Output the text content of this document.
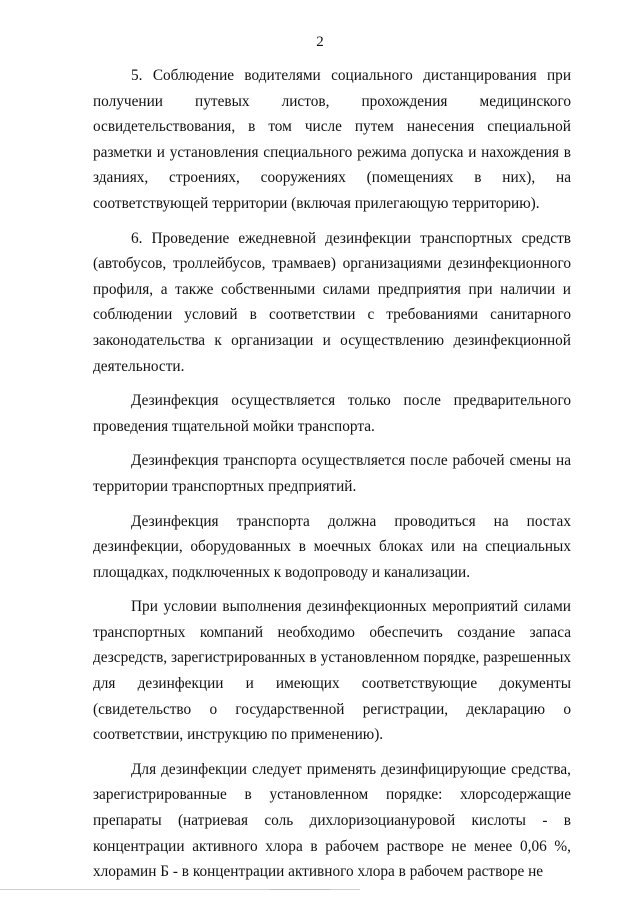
2

5. Соблюдение водителями социального дистанцирования при получении путевых листов, прохождения медицинского освидетельствования, в том числе путем нанесения специальной разметки и установления специального режима допуска и нахождения в зданиях, строениях, сооружениях (помещениях в них), на соответствующей территории (включая прилегающую территорию).

6. Проведение ежедневной дезинфекции транспортных средств (автобусов, троллейбусов, трамваев) организациями дезинфекционного профиля, а также собственными силами предприятия при наличии и соблюдении условий в соответствии с требованиями санитарного законодательства к организации и осуществлению дезинфекционной деятельности.

Дезинфекция осуществляется только после предварительного проведения тщательной мойки транспорта.

Дезинфекция транспорта осуществляется после рабочей смены на территории транспортных предприятий.

Дезинфекция транспорта должна проводиться на постах дезинфекции, оборудованных в моечных блоках или на специальных площадках, подключенных к водопроводу и канализации.

При условии выполнения дезинфекционных мероприятий силами транспортных компаний необходимо обеспечить создание запаса дезсредств, зарегистрированных в установленном порядке, разрешенных для дезинфекции и имеющих соответствующие документы (свидетельство о государственной регистрации, декларацию о соответствии, инструкцию по применению).

Для дезинфекции следует применять дезинфицирующие средства, зарегистрированные в установленном порядке: хлорсодержащие препараты (натриевая соль дихлоризоциануровой кислоты - в концентрации активного хлора в рабочем растворе не менее 0,06 %, хлорамин Б - в концентрации активного хлора в рабочем растворе не
